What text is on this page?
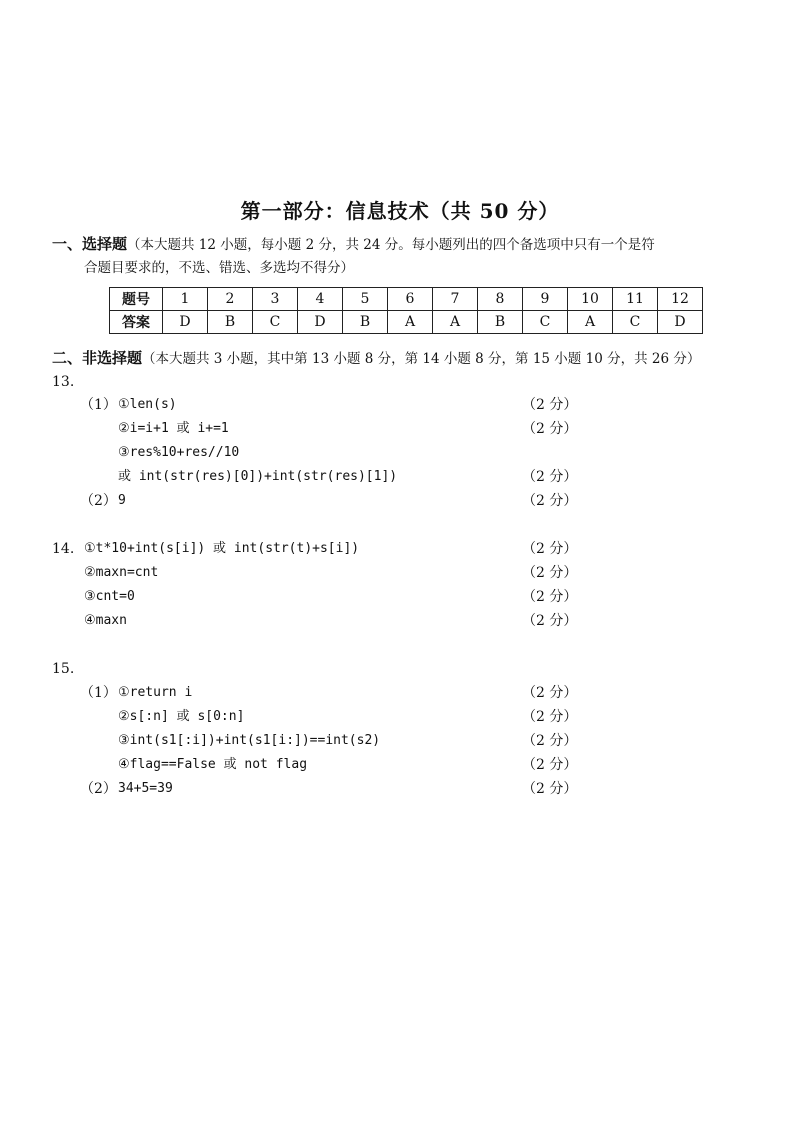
第一部分：信息技术（共 50 分）
一、选择题（本大题共 12 小题，每小题 2 分，共 24 分。每小题列出的四个备选项中只有一个是符
合题目要求的，不选、错选、多选均不得分）
题号	1	2	3	4	5	6	7	8	9	10	11	12
答案	D	B	C	D	B	A	A	B	C	A	C	D
二、非选择题（本大题共 3 小题，其中第 13 小题 8 分，第 14 小题 8 分，第 15 小题 10 分，共 26 分）
13.
（1） ①len(s)	（2 分）
②i=i+1 或 i+=1	（2 分）
③res%10+res//10
或 int(str(res)[0])+int(str(res)[1])	（2 分）
（2） 9	（2 分）
14. ①t*10+int(s[i]) 或 int(str(t)+s[i])	（2 分）
②maxn=cnt	（2 分）
③cnt=0	（2 分）
④maxn	（2 分）
15.
（1） ①return i	（2 分）
②s[:n] 或 s[0:n]	（2 分）
③int(s1[:i])+int(s1[i:])==int(s2)	（2 分）
④flag==False 或 not flag	（2 分）
（2） 34+5=39	（2 分）
